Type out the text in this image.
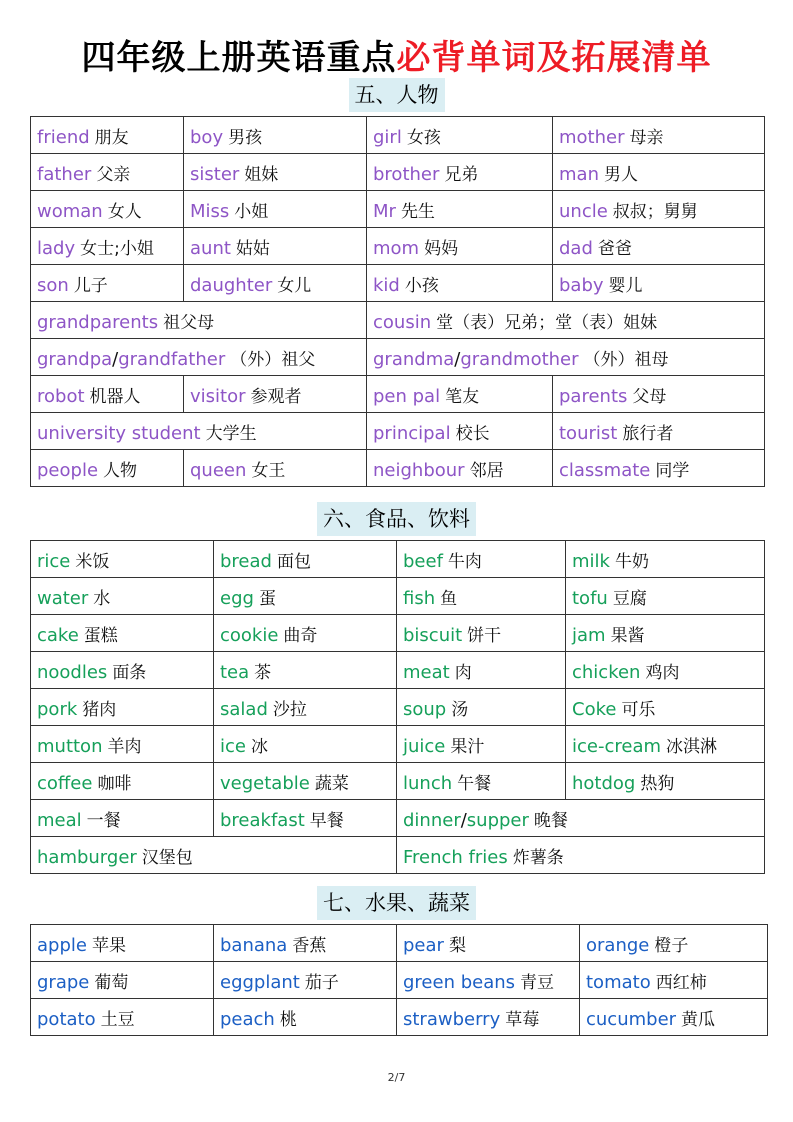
四年级上册英语重点必背单词及拓展清单
五、人物
friend 朋友	boy 男孩	girl 女孩	mother 母亲
father 父亲	sister 姐妹	brother 兄弟	man 男人
woman 女人	Miss 小姐	Mr 先生	uncle 叔叔；舅舅
lady 女士;小姐	aunt 姑姑	mom 妈妈	dad 爸爸
son 儿子	daughter 女儿	kid 小孩	baby 婴儿
grandparents 祖父母		cousin 堂（表）兄弟；堂（表）姐妹	
grandpa/grandfather （外）祖父		grandma/grandmother （外）祖母	
robot 机器人	visitor 参观者	pen pal 笔友	parents 父母
university student 大学生		principal 校长	tourist 旅行者
people 人物	queen 女王	neighbour 邻居	classmate 同学
六、食品、饮料
rice 米饭	bread 面包	beef 牛肉	milk 牛奶
water 水	egg 蛋	fish 鱼	tofu 豆腐
cake 蛋糕	cookie 曲奇	biscuit 饼干	jam 果酱
noodles 面条	tea 茶	meat 肉	chicken 鸡肉
pork 猪肉	salad 沙拉	soup 汤	Coke 可乐
mutton 羊肉	ice 冰	juice 果汁	ice-cream 冰淇淋
coffee 咖啡	vegetable 蔬菜	lunch 午餐	hotdog 热狗
meal 一餐	breakfast 早餐	dinner/supper 晚餐	
hamburger 汉堡包		French fries 炸薯条	
七、水果、蔬菜
apple 苹果	banana 香蕉	pear 梨	orange 橙子
grape 葡萄	eggplant 茄子	green beans 青豆	tomato 西红柿
potato 土豆	peach 桃	strawberry 草莓	cucumber 黄瓜
2/7
